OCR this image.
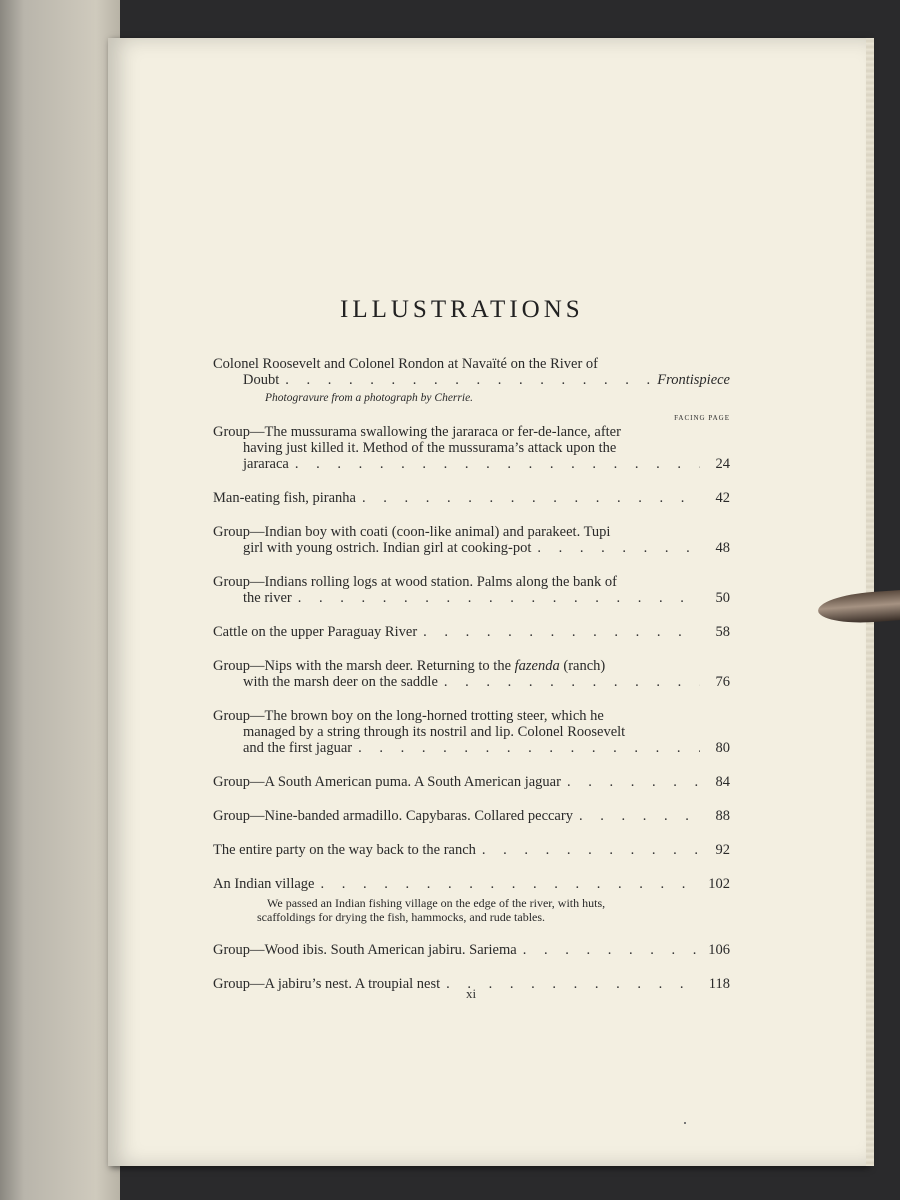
ILLUSTRATIONS
Colonel Roosevelt and Colonel Rondon at Navaïté on the River of
Doubt . . .	Frontispiece
Photogravure from a photograph by Cherrie.
FACING PAGE
Group—The mussurama swallowing the jararaca or fer-de-lance, after
having just killed it. Method of the mussurama’s attack upon the
jararaca . . .	24
Man-eating fish, piranha . . .	42
Group—Indian boy with coati (coon-like animal) and parakeet. Tupi
girl with young ostrich. Indian girl at cooking-pot . . .	48
Group—Indians rolling logs at wood station. Palms along the bank of
the river . . .	50
Cattle on the upper Paraguay River . . .	58
Group—Nips with the marsh deer. Returning to the fazenda (ranch)
with the marsh deer on the saddle . . .	76
Group—The brown boy on the long-horned trotting steer, which he
managed by a string through its nostril and lip. Colonel Roosevelt
and the first jaguar . . .	80
Group—A South American puma. A South American jaguar . . .	84
Group—Nine-banded armadillo. Capybaras. Collared peccary . . .	88
The entire party on the way back to the ranch . . .	92
An Indian village . . .	102
We passed an Indian fishing village on the edge of the river, with huts,
scaffoldings for drying the fish, hammocks, and rude tables.
Group—Wood ibis. South American jabiru. Sariema . . .	106
Group—A jabiru’s nest. A troupial nest . . .	118
xi
